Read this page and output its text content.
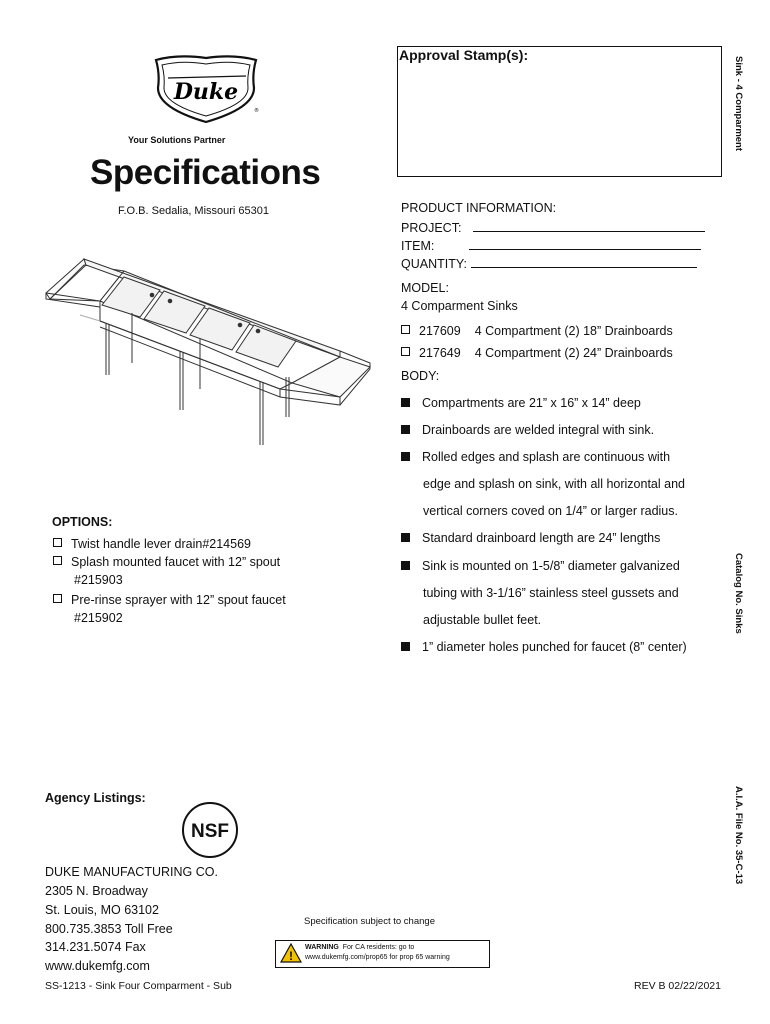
Duke
®
Your Solutions Partner
Specifications
F.O.B. Sedalia, Missouri 65301
Approval Stamp(s):
Sink - 4 Comparment
Catalog No. Sinks
A.I.A. File No. 35-C-13
PRODUCT INFORMATION:
PROJECT:
ITEM:
QUANTITY:
MODEL:
4 Comparment Sinks
217609 4 Compartment (2) 18” Drainboards
217649 4 Compartment (2) 24” Drainboards
BODY:
Compartments are 21” x 16” x 14” deep
Drainboards are welded integral with sink.
Rolled edges and splash are continuous with
edge and splash on sink, with all horizontal and
vertical corners coved on 1/4” or larger radius.
Standard drainboard length are 24” lengths
Sink is mounted on 1-5/8” diameter galvanized
tubing with 3-1/16” stainless steel gussets and
adjustable bullet feet.
1” diameter holes punched for faucet (8” center)
OPTIONS:
Twist handle lever drain#214569
Splash mounted faucet with 12” spout
#215903
Pre-rinse sprayer with 12” spout faucet
#215902
Agency Listings:
NSF
DUKE MANUFACTURING CO.
2305 N. Broadway
St. Louis, MO 63102
800.735.3853 Toll Free
314.231.5074 Fax
www.dukemfg.com
Specification subject to change
!
WARNING For CA residents: go to
www.dukemfg.com/prop65 for prop 65 warning
SS-1213 - Sink Four Comparment - Sub	REV B 02/22/2021
